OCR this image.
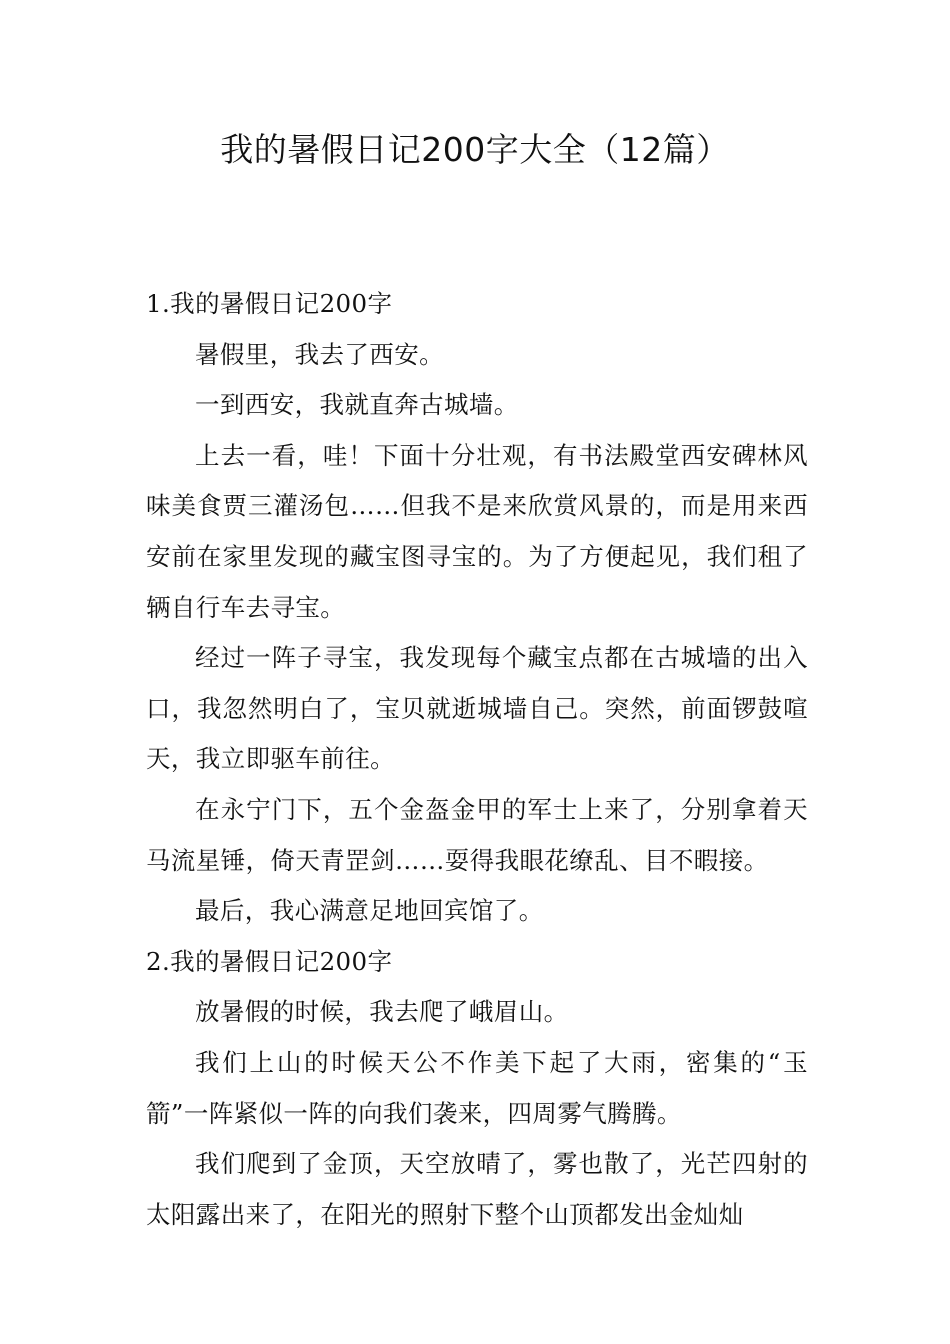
我的暑假日记200字大全（12篇）

1.我的暑假日记200字

暑假里，我去了西安。

一到西安，我就直奔古城墙。

上去一看，哇！下面十分壮观，有书法殿堂西安碑林风味美食贾三灌汤包……但我不是来欣赏风景的，而是用来西安前在家里发现的藏宝图寻宝的。为了方便起见，我们租了辆自行车去寻宝。

经过一阵子寻宝，我发现每个藏宝点都在古城墙的出入口，我忽然明白了，宝贝就逝城墙自己。突然，前面锣鼓喧天，我立即驱车前往。

在永宁门下，五个金盔金甲的军士上来了，分别拿着天马流星锤，倚天青罡剑……耍得我眼花缭乱、目不暇接。

最后，我心满意足地回宾馆了。

2.我的暑假日记200字

放暑假的时候，我去爬了峨眉山。

我们上山的时候天公不作美下起了大雨，密集的“玉箭”一阵紧似一阵的向我们袭来，四周雾气腾腾。

我们爬到了金顶，天空放晴了，雾也散了，光芒四射的太阳露出来了，在阳光的照射下整个山顶都发出金灿灿
